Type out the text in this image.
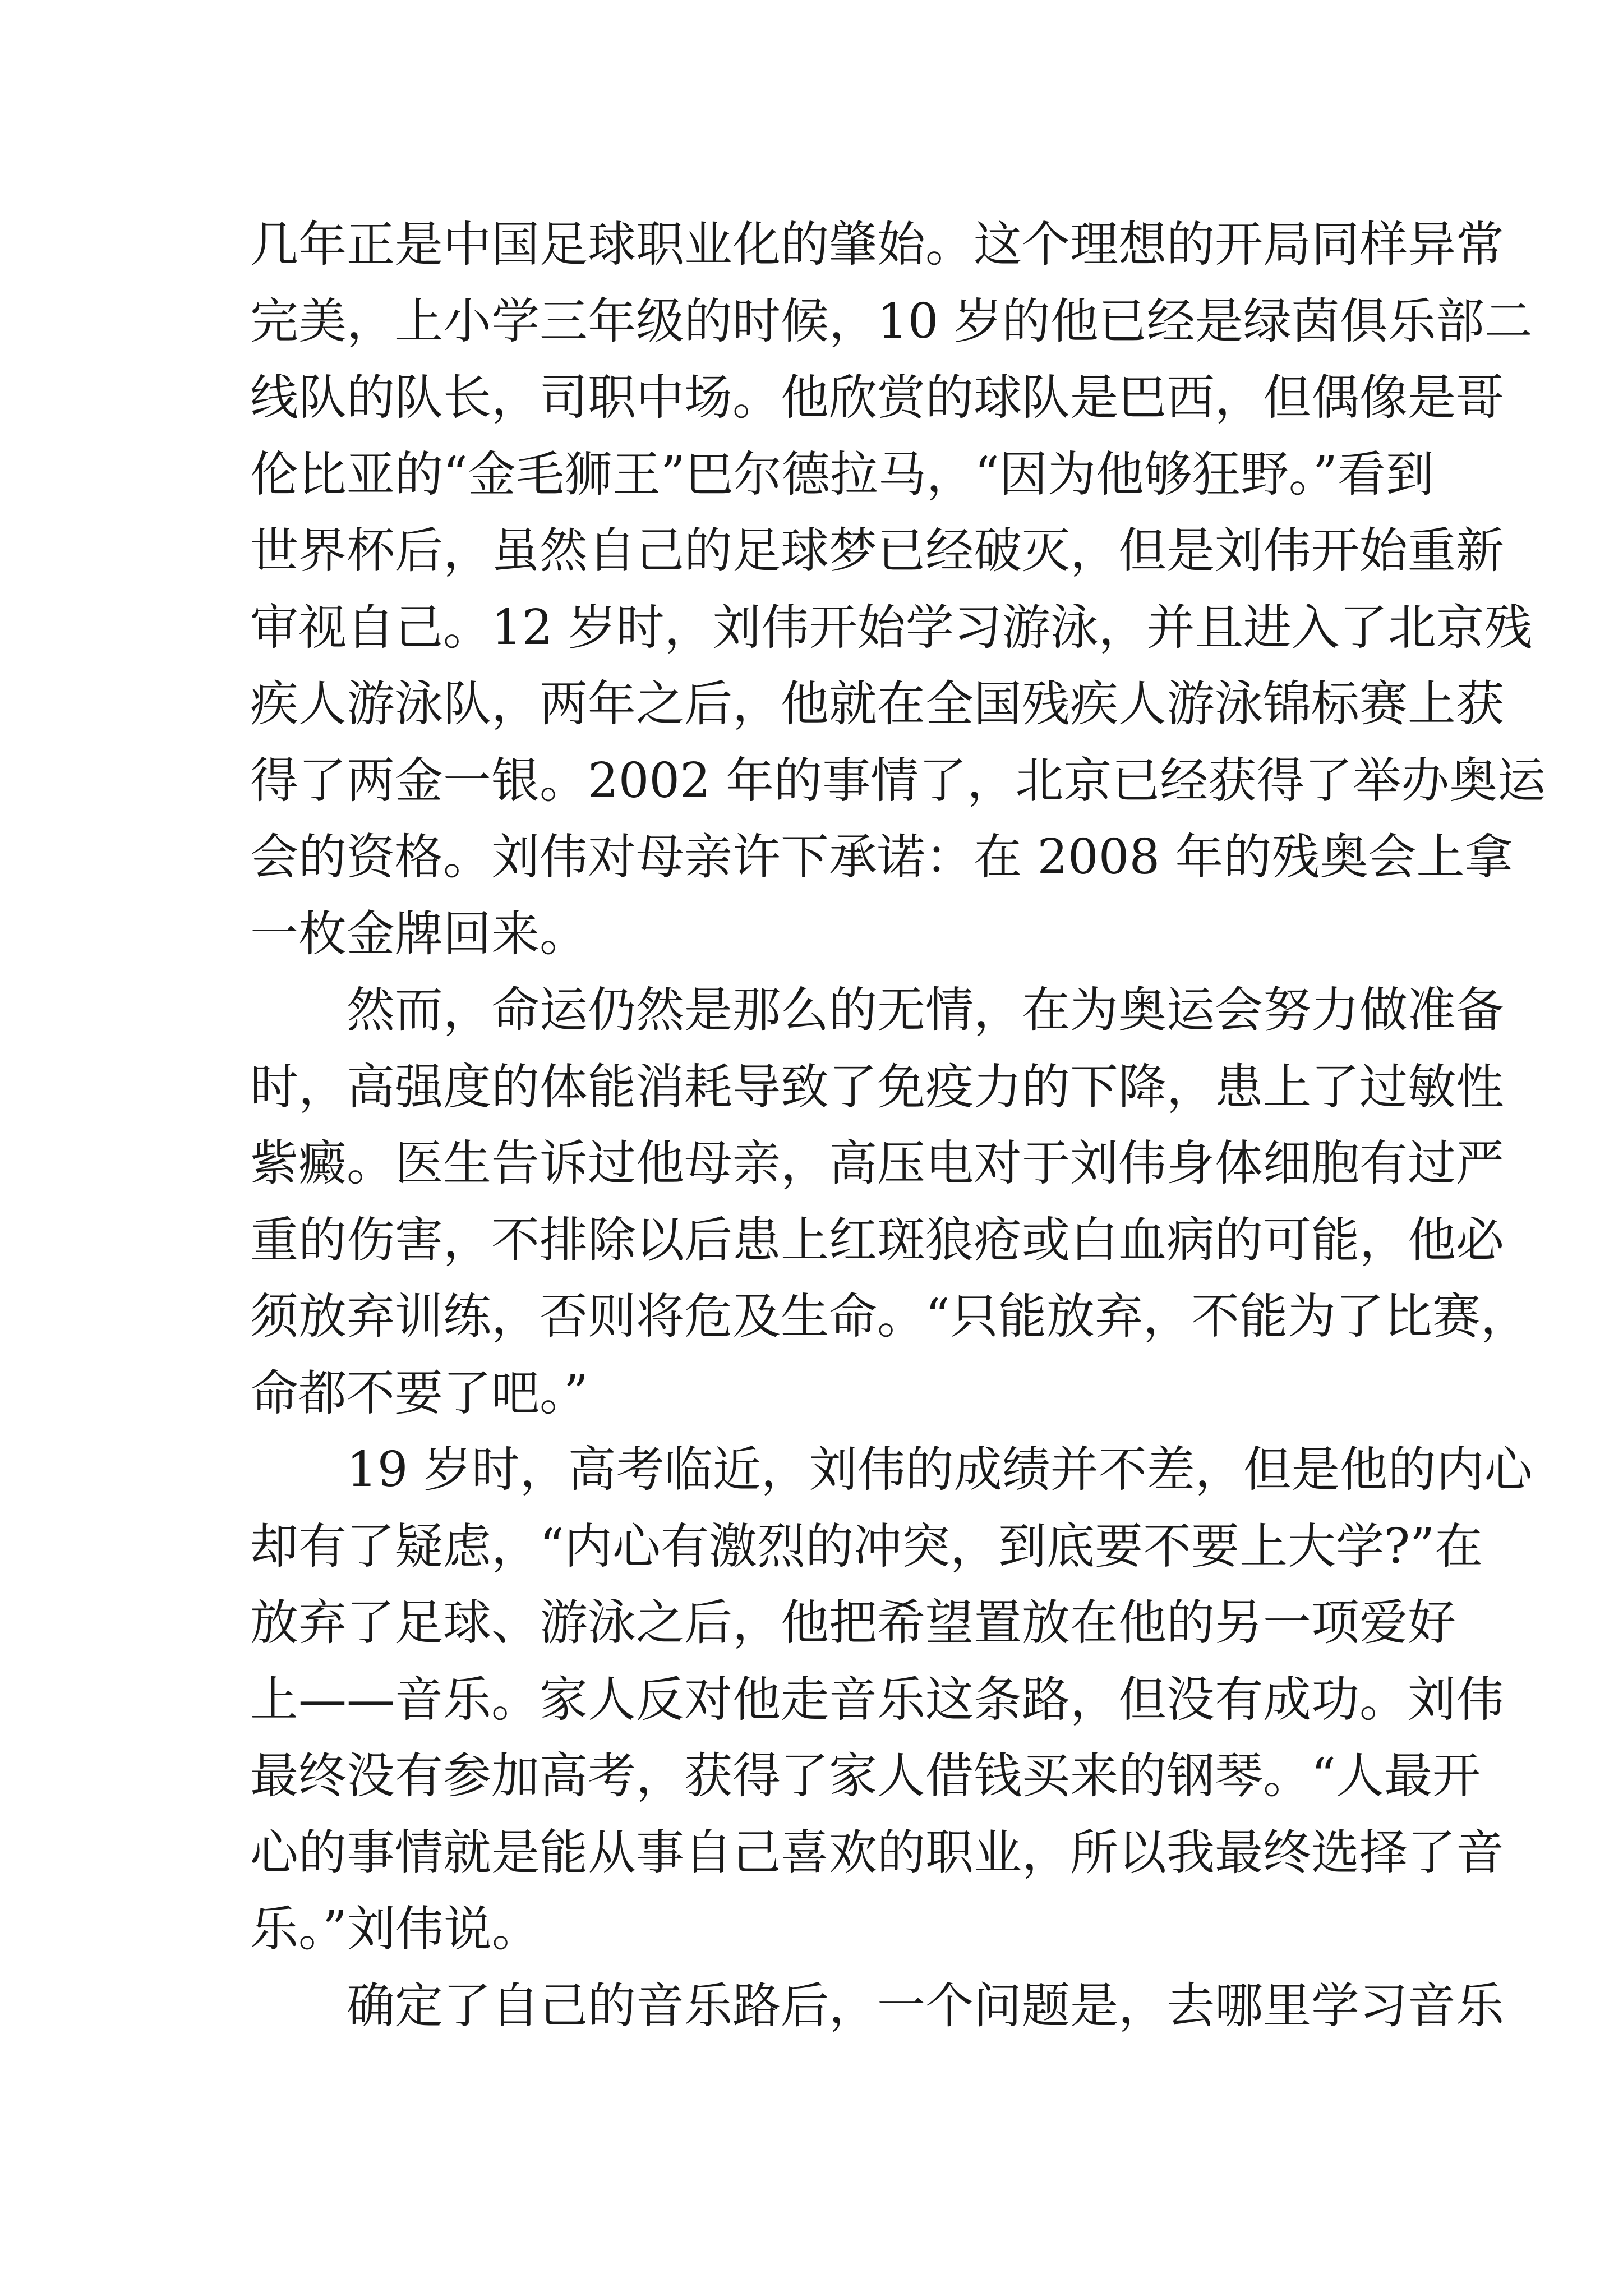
几年正是中国足球职业化的肇始。这个理想的开局同样异常
完美，上小学三年级的时候，10 岁的他已经是绿茵俱乐部二
线队的队长，司职中场。他欣赏的球队是巴西，但偶像是哥
伦比亚的“金毛狮王”巴尔德拉马，“因为他够狂野。”看到
世界杯后，虽然自己的足球梦已经破灭，但是刘伟开始重新
审视自己。12 岁时，刘伟开始学习游泳，并且进入了北京残
疾人游泳队，两年之后，他就在全国残疾人游泳锦标赛上获
得了两金一银。2002 年的事情了，北京已经获得了举办奥运
会的资格。刘伟对母亲许下承诺：在 2008 年的残奥会上拿
一枚金牌回来。
　　然而，命运仍然是那么的无情，在为奥运会努力做准备
时，高强度的体能消耗导致了免疫力的下降，患上了过敏性
紫癜。医生告诉过他母亲，高压电对于刘伟身体细胞有过严
重的伤害，不排除以后患上红斑狼疮或白血病的可能，他必
须放弃训练，否则将危及生命。“只能放弃，不能为了比赛，
命都不要了吧。”
　　19 岁时，高考临近，刘伟的成绩并不差，但是他的内心
却有了疑虑，“内心有激烈的冲突，到底要不要上大学?”在
放弃了足球、游泳之后，他把希望置放在他的另一项爱好
上——音乐。家人反对他走音乐这条路，但没有成功。刘伟
最终没有参加高考，获得了家人借钱买来的钢琴。“人最开
心的事情就是能从事自己喜欢的职业，所以我最终选择了音
乐。”刘伟说。
　　确定了自己的音乐路后，一个问题是，去哪里学习音乐
